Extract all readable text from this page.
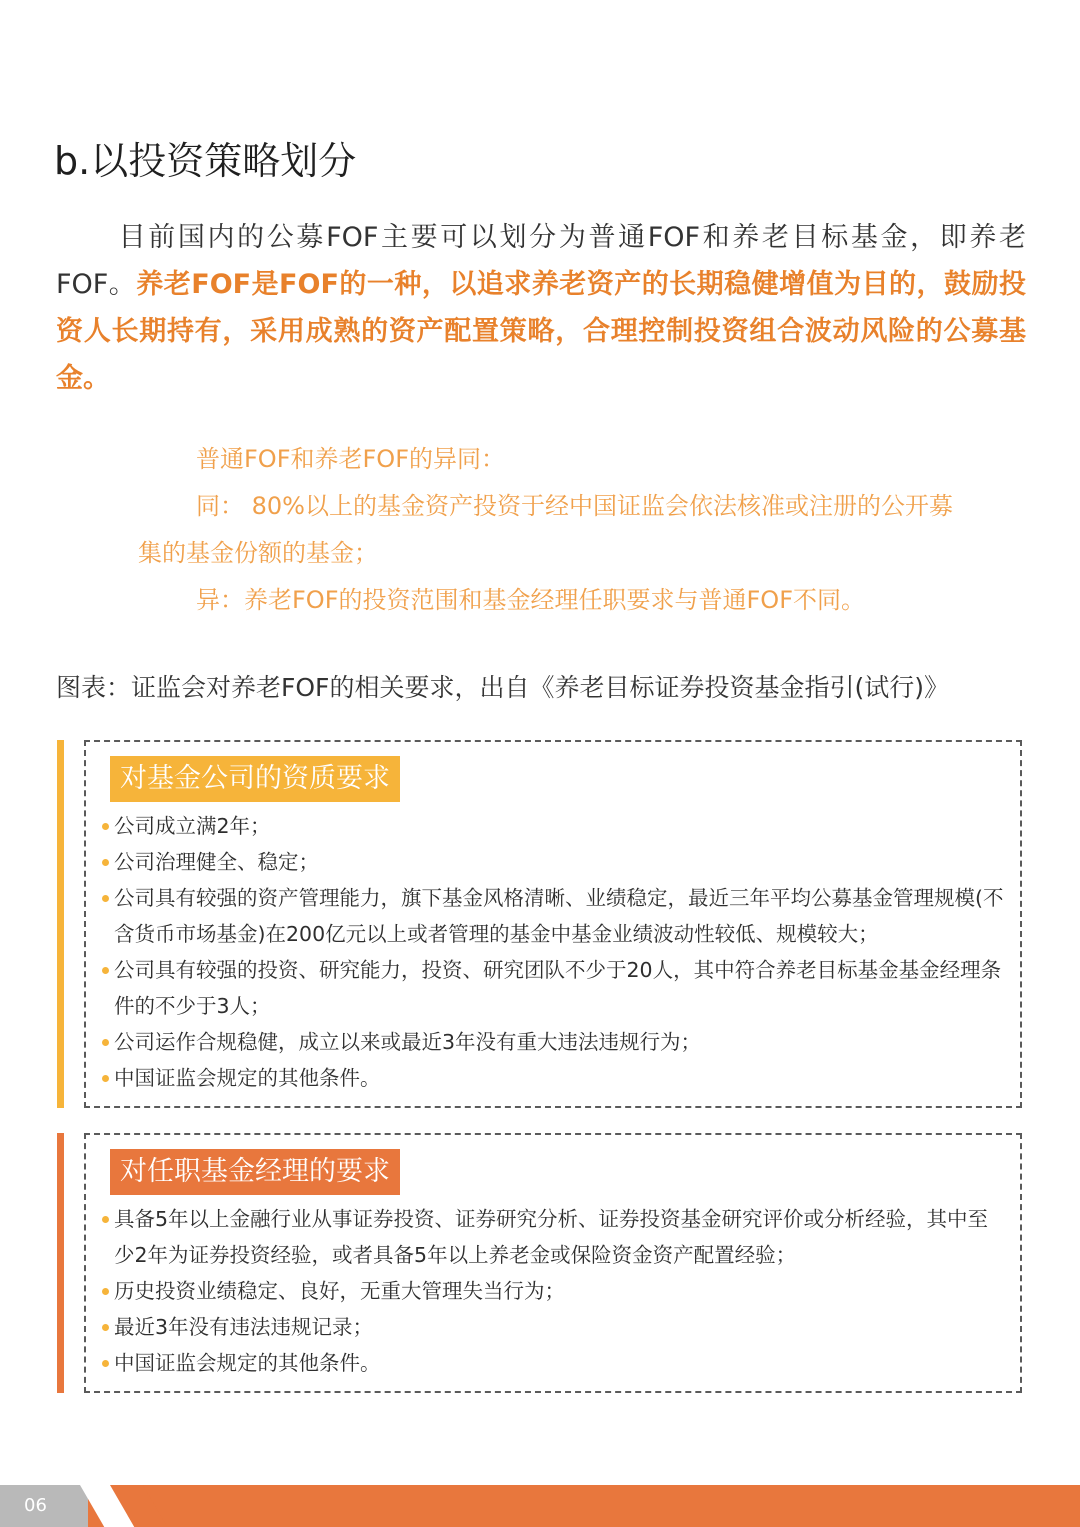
b.以投资策略划分
目前国内的公募FOF主要可以划分为普通FOF和养老目标基金，即养老FOF。养老FOF是FOF的一种，以追求养老资产的长期稳健增值为目的，鼓励投资人长期持有，采用成熟的资产配置策略，合理控制投资组合波动风险的公募基金。

普通FOF和养老FOF的异同：

同： 80%以上的基金资产投资于经中国证监会依法核准或注册的公开募集的基金份额的基金；

异：养老FOF的投资范围和基金经理任职要求与普通FOF不同。

图表：证监会对养老FOF的相关要求，出自《养老目标证券投资基金指引(试行)》
对基金公司的资质要求
公司成立满2年；
公司治理健全、稳定；
公司具有较强的资产管理能力，旗下基金风格清晰、业绩稳定，最近三年平均公募基金管理规模(不含货币市场基金)在200亿元以上或者管理的基金中基金业绩波动性较低、规模较大；
公司具有较强的投资、研究能力，投资、研究团队不少于20人，其中符合养老目标基金基金经理条件的不少于3人；
公司运作合规稳健，成立以来或最近3年没有重大违法违规行为；
中国证监会规定的其他条件。
对任职基金经理的要求
具备5年以上金融行业从事证券投资、证券研究分析、证券投资基金研究评价或分析经验，其中至少2年为证券投资经验，或者具备5年以上养老金或保险资金资产配置经验；
历史投资业绩稳定、良好，无重大管理失当行为；
最近3年没有违法违规记录；
中国证监会规定的其他条件。
06
